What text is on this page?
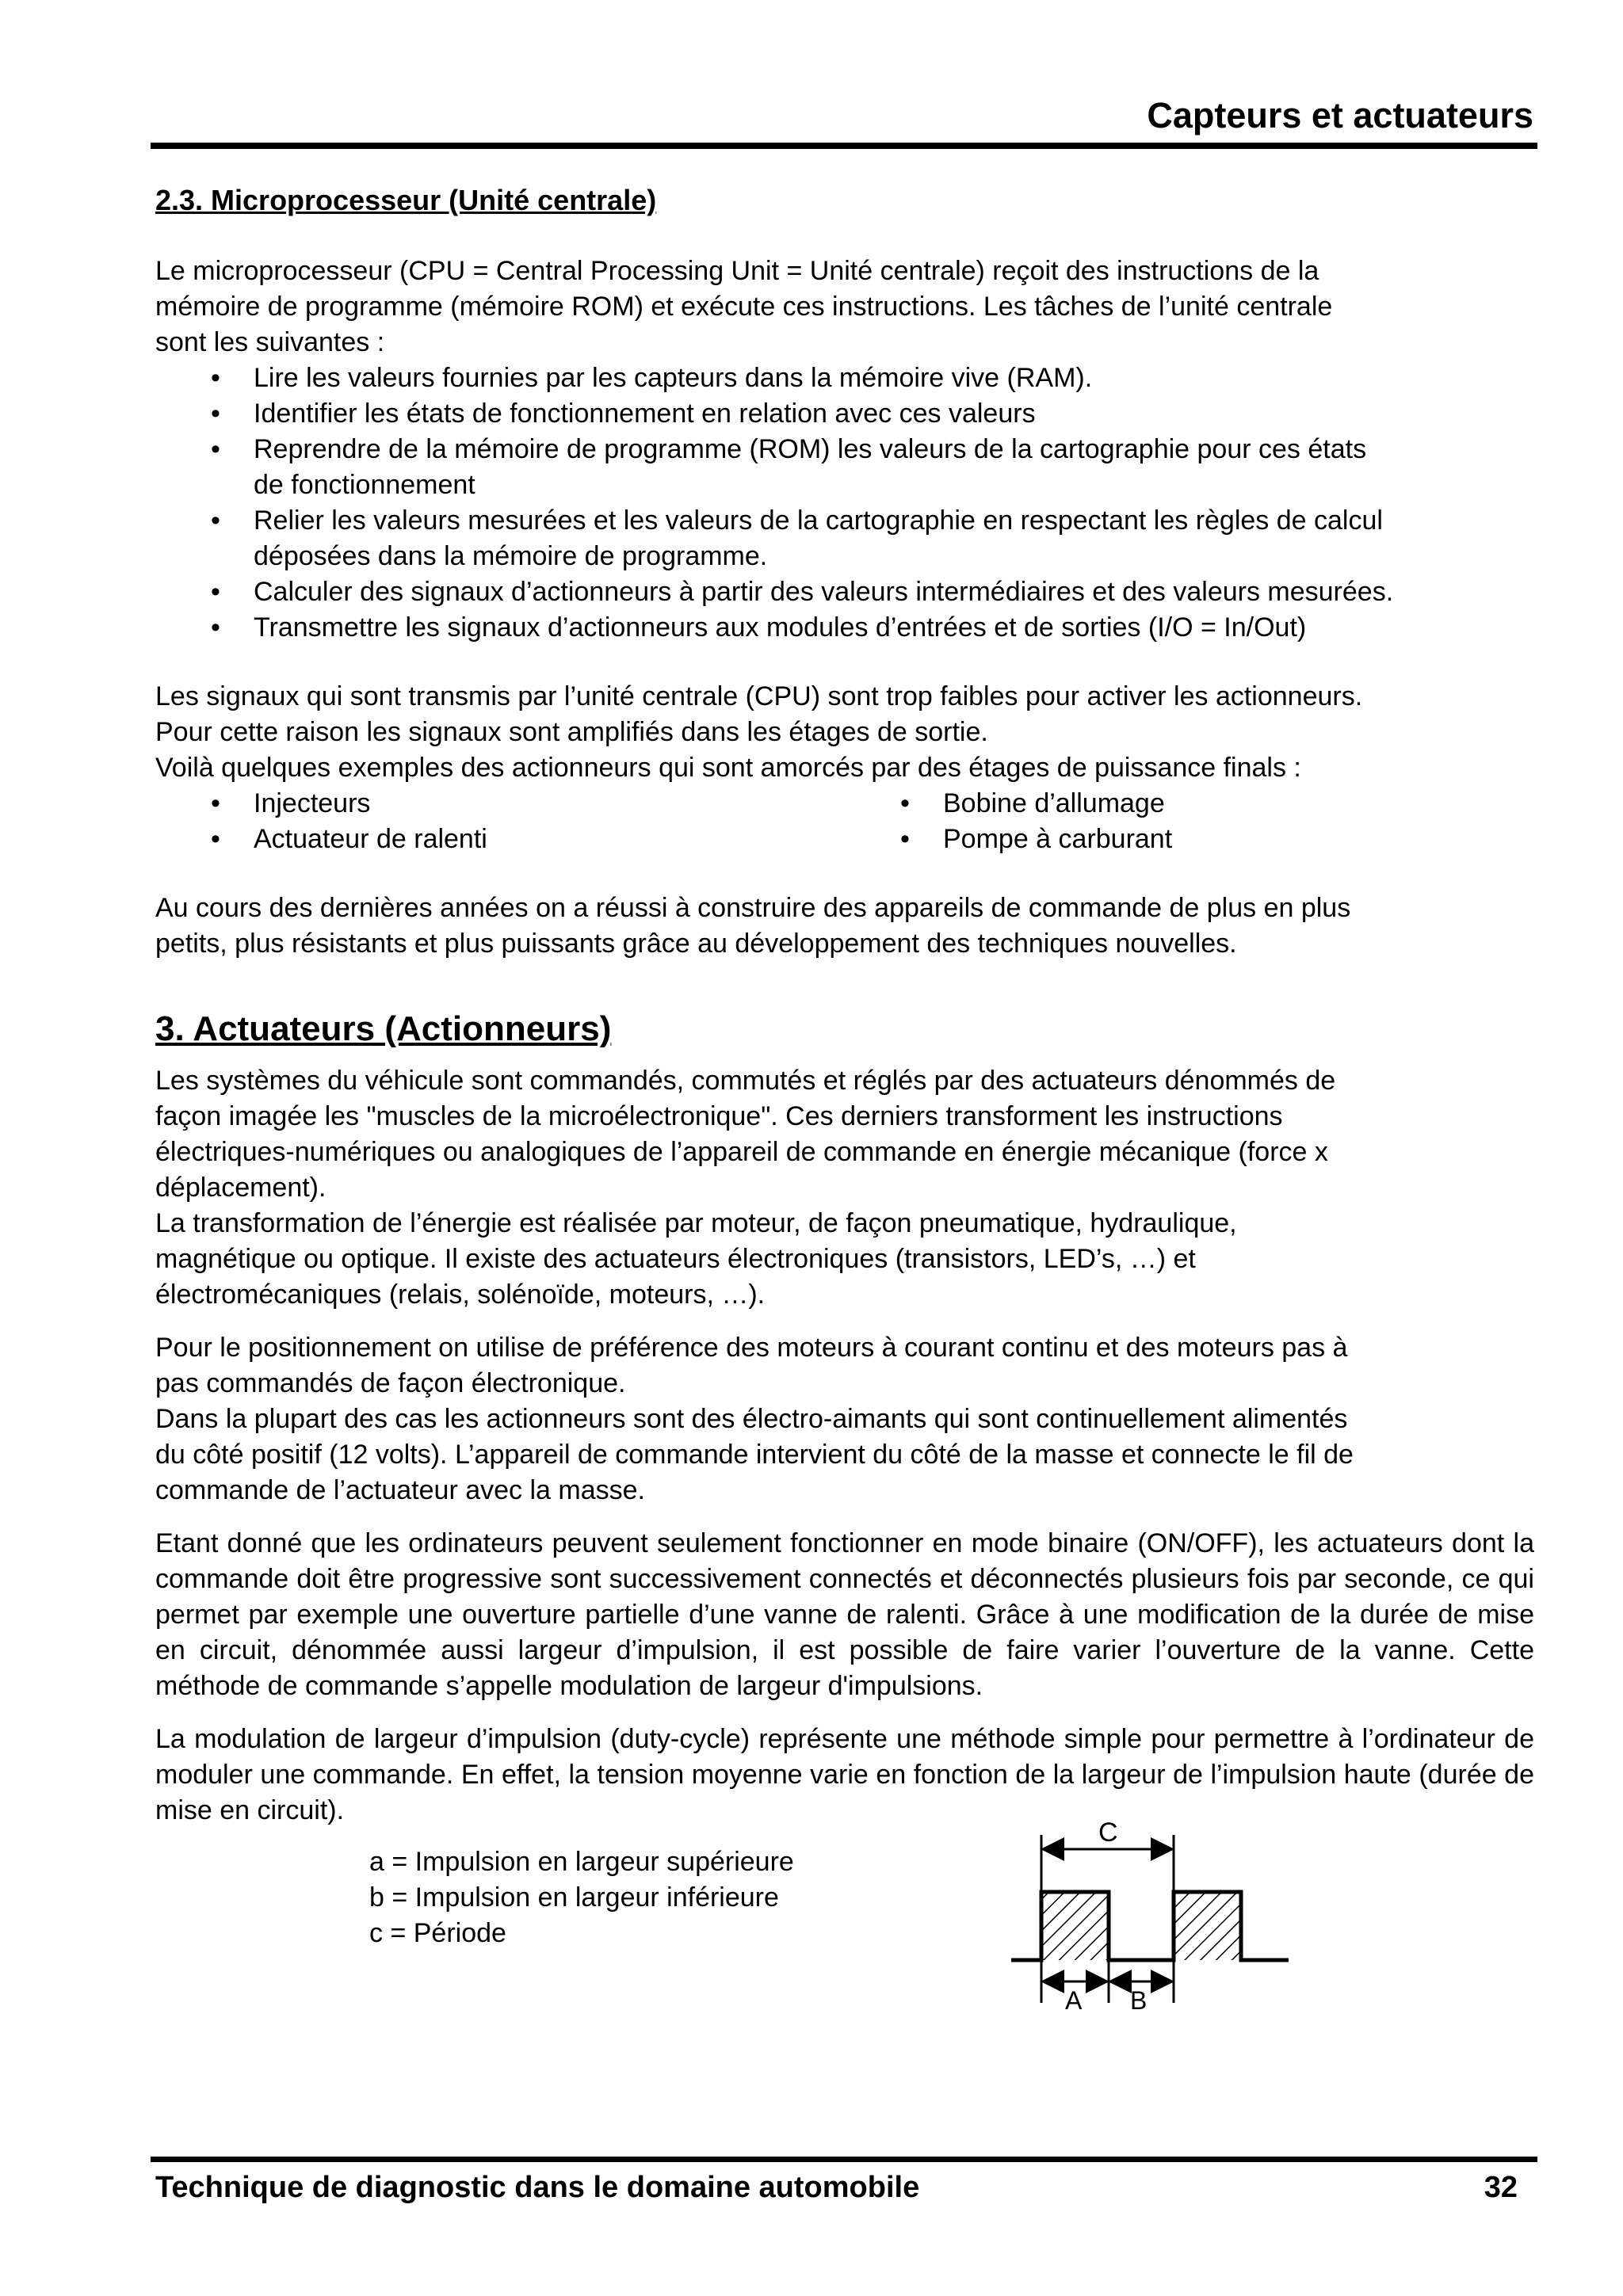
Capteurs et actuateurs
2.3. Microprocesseur (Unité centrale)
Le microprocesseur (CPU = Central Processing Unit = Unité centrale) reçoit des instructions de la
mémoire de programme (mémoire ROM) et exécute ces instructions. Les tâches de l’unité centrale
sont les suivantes :
• Lire les valeurs fournies par les capteurs dans la mémoire vive (RAM).
• Identifier les états de fonctionnement en relation avec ces valeurs
• Reprendre de la mémoire de programme (ROM) les valeurs de la cartographie pour ces états
de fonctionnement
• Relier les valeurs mesurées et les valeurs de la cartographie en respectant les règles de calcul
déposées dans la mémoire de programme.
• Calculer des signaux d’actionneurs à partir des valeurs intermédiaires et des valeurs mesurées.
• Transmettre les signaux d’actionneurs aux modules d’entrées et de sorties (I/O = In/Out)
Les signaux qui sont transmis par l’unité centrale (CPU) sont trop faibles pour activer les actionneurs.
Pour cette raison les signaux sont amplifiés dans les étages de sortie.
Voilà quelques exemples des actionneurs qui sont amorcés par des étages de puissance finals :
• Injecteurs
• Actuateur de ralenti
• Bobine d’allumage
• Pompe à carburant
Au cours des dernières années on a réussi à construire des appareils de commande de plus en plus
petits, plus résistants et plus puissants grâce au développement des techniques nouvelles.
3. Actuateurs (Actionneurs)
Les systèmes du véhicule sont commandés, commutés et réglés par des actuateurs dénommés de
façon imagée les "muscles de la microélectronique". Ces derniers transforment les instructions
électriques-numériques ou analogiques de l’appareil de commande en énergie mécanique (force x
déplacement).
La transformation de l’énergie est réalisée par moteur, de façon pneumatique, hydraulique,
magnétique ou optique. Il existe des actuateurs électroniques (transistors, LED’s, …) et
électromécaniques (relais, solénoïde, moteurs, …).
Pour le positionnement on utilise de préférence des moteurs à courant continu et des moteurs pas à
pas commandés de façon électronique.
Dans la plupart des cas les actionneurs sont des électro-aimants qui sont continuellement alimentés
du côté positif (12 volts). L’appareil de commande intervient du côté de la masse et connecte le fil de
commande de l’actuateur avec la masse.
Etant donné que les ordinateurs peuvent seulement fonctionner en mode binaire (ON/OFF), les actuateurs dont la commande doit être progressive sont successivement connectés et déconnectés plusieurs fois par seconde, ce qui permet par exemple une ouverture partielle d’une vanne de ralenti. Grâce à une modification de la durée de mise en circuit, dénommée aussi largeur d’impulsion, il est possible de faire varier l’ouverture de la vanne. Cette méthode de commande s’appelle modulation de largeur d'impulsions.
La modulation de largeur d’impulsion (duty-cycle) représente une méthode simple pour permettre à l’ordinateur de moduler une commande. En effet, la tension moyenne varie en fonction de la largeur de l’impulsion haute (durée de mise en circuit).
a = Impulsion en largeur supérieure
b = Impulsion en largeur inférieure
c = Période
C
A B
Technique de diagnostic dans le domaine automobile	32
